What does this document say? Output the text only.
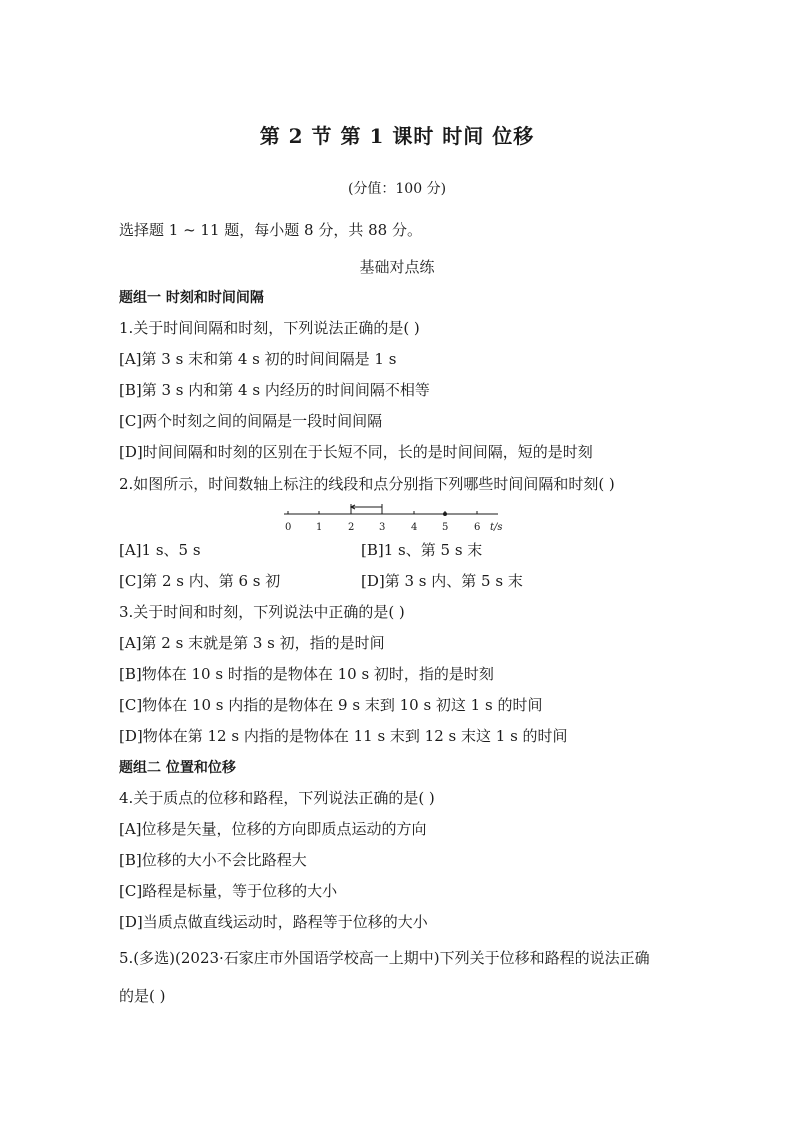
第 2 节 第 1 课时 时间 位移
(分值：100 分)
选择题 1 ~ 11 题，每小题 8 分，共 88 分。
基础对点练
题组一 时刻和时间间隔
1.关于时间间隔和时刻，下列说法正确的是( )
[A]第 3 s 末和第 4 s 初的时间间隔是 1 s
[B]第 3 s 内和第 4 s 内经历的时间间隔不相等
[C]两个时刻之间的间隔是一段时间间隔
[D]时间间隔和时刻的区别在于长短不同，长的是时间间隔，短的是时刻
2.如图所示，时间数轴上标注的线段和点分别指下列哪些时间间隔和时刻( )
0 1	2 3	4 5	6 t/s
[A]1 s、5 s	[B]1 s、第 5 s 末
[C]第 2 s 内、第 6 s 初	[D]第 3 s 内、第 5 s 末
3.关于时间和时刻，下列说法中正确的是( )
[A]第 2 s 末就是第 3 s 初，指的是时间
[B]物体在 10 s 时指的是物体在 10 s 初时，指的是时刻
[C]物体在 10 s 内指的是物体在 9 s 末到 10 s 初这 1 s 的时间
[D]物体在第 12 s 内指的是物体在 11 s 末到 12 s 末这 1 s 的时间
题组二 位置和位移
4.关于质点的位移和路程，下列说法正确的是( )
[A]位移是矢量，位移的方向即质点运动的方向
[B]位移的大小不会比路程大
[C]路程是标量，等于位移的大小
[D]当质点做直线运动时，路程等于位移的大小
5.(多选)(2023·石家庄市外国语学校高一上期中)下列关于位移和路程的说法正确
的是( )
